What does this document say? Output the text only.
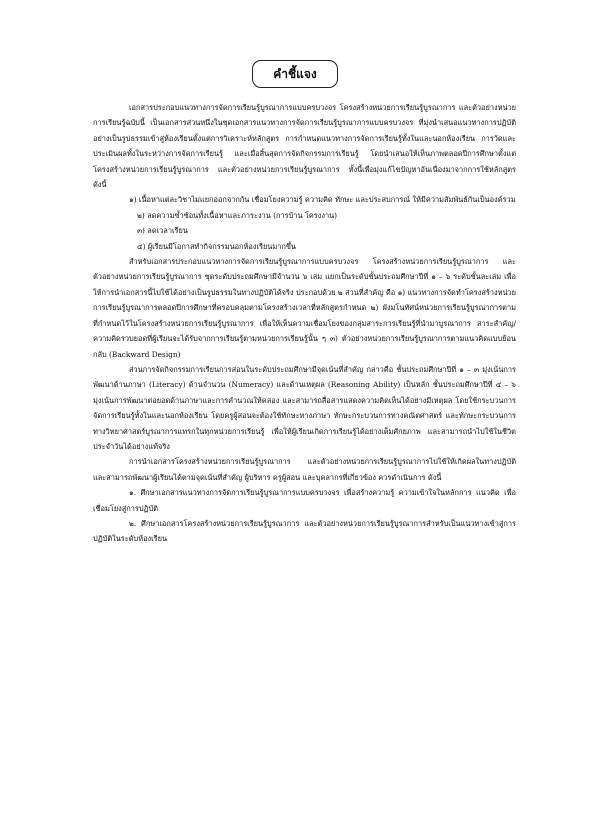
คำชี้แจง

เอกสารประกอบแนวทางการจัดการเรียนรู้บูรณาการแบบครบวงจร โครงสร้างหน่วยการเรียนรู้บูรณาการ และตัวอย่างหน่วยการเรียนรู้ฉบับนี้ เป็นเอกสารส่วนหนึ่งในชุดเอกสารแนวทางการจัดการเรียนรู้บูรณาการแบบครบวงจร ที่มุ่งนำเสนอแนวทางการปฏิบัติอย่างเป็นรูปธรรมเข้าสู่ห้องเรียนตั้งแต่การวิเคราะห์หลักสูตร การกำหนดแนวทางการจัดการเรียนรู้ทั้งในและนอกห้องเรียน การวัดและประเมินผลทั้งในระหว่างการจัดการเรียนรู้ และเมื่อสิ้นสุดการจัดกิจกรรมการเรียนรู้ โดยนำเสนอให้เห็นภาพตลอดปีการศึกษาตั้งแต่โครงสร้างหน่วยการเรียนรู้บูรณาการ และตัวอย่างหน่วยการเรียนรู้บูรณาการ ทั้งนี้เพื่อมุ่งแก้ไขปัญหาอันเนื่องมาจากการใช้หลักสูตร ดังนี้

๑) เนื้อหาแต่ละวิชาไม่แยกออกจากกัน เชื่อมโยงความรู้ ความคิด ทักษะ และประสบการณ์ ให้มีความสัมพันธ์กันเป็นองค์รวม

๒) ลดความซ้ำซ้อนทั้งเนื้อหาและภาระงาน (การบ้าน โครงงาน)

๓) ลดเวลาเรียน

๔) ผู้เรียนมีโอกาสทำกิจกรรมนอกห้องเรียนมากขึ้น

สำหรับเอกสารประกอบแนวทางการจัดการเรียนรู้บูรณาการแบบครบวงจร โครงสร้างหน่วยการเรียนรู้บูรณาการ และตัวอย่างหน่วยการเรียนรู้บูรณาการ ชุดระดับประถมศึกษามีจำนวน ๖ เล่ม แยกเป็นระดับชั้นประถมศึกษาปีที่ ๑ – ๖ ระดับชั้นละเล่ม เพื่อให้การนำเอกสารนี้ไปใช้ได้อย่างเป็นรูปธรรมในทางปฏิบัติได้จริง ประกอบด้วย ๒ ส่วนที่สำคัญ คือ ๑) แนวทางการจัดทำโครงสร้างหน่วยการเรียนรู้บูรณาการตลอดปีการศึกษาที่ครอบคลุมตามโครงสร้างเวลาที่หลักสูตรกำหนด ๒) ผังมโนทัศน์หน่วยการเรียนรู้บูรณาการตามที่กำหนดไว้ในโครงสร้างหน่วยการเรียนรู้บูรณาการ เพื่อให้เห็นความเชื่อมโยงของกลุ่มสาระการเรียนรู้ที่นำมาบูรณาการ สาระสำคัญ/ความคิดรวบยอดที่ผู้เรียนจะได้รับจากการเรียนรู้ตามหน่วยการเรียนรู้นั้น ๆ ๓) ตัวอย่างหน่วยการเรียนรู้บูรณาการตามแนวคิดแบบย้อนกลับ (Backward Design)

ส่วนการจัดกิจกรรมการเรียนการสอนในระดับประถมศึกษามีจุดเน้นที่สำคัญ กล่าวคือ ชั้นประถมศึกษาปีที่ ๑ – ๓ มุ่งเน้นการพัฒนาด้านภาษา (Literacy) ด้านจำนวน (Numeracy) และด้านเหตุผล (Reasoning Ability) เป็นหลัก ชั้นประถมศึกษาปีที่ ๔ – ๖ มุ่งเน้นการพัฒนาต่อยอดด้านภาษาและการคำนวณให้คล่อง และสามารถสื่อสารแสดงความคิดเห็นได้อย่างมีเหตุผล โดยใช้กระบวนการจัดการเรียนรู้ทั้งในและนอกห้องเรียน โดยครูผู้สอนจะต้องใช้ทักษะทางภาษา ทักษะกระบวนการทางคณิตศาสตร์ และทักษะกระบวนการทางวิทยาศาสตร์บูรณาการแทรกในทุกหน่วยการเรียนรู้ เพื่อให้ผู้เรียนเกิดการเรียนรู้ได้อย่างเต็มศักยภาพ และสามารถนำไปใช้ในชีวิตประจำวันได้อย่างแท้จริง

การนำเอกสารโครงสร้างหน่วยการเรียนรู้บูรณาการ และตัวอย่างหน่วยการเรียนรู้บูรณาการไปใช้ให้เกิดผลในทางปฏิบัติ และสามารถพัฒนาผู้เรียนได้ตามจุดเน้นที่สำคัญ ผู้บริหาร ครูผู้สอน และบุคลากรที่เกี่ยวข้อง ควรดำเนินการ ดังนี้

๑. ศึกษาเอกสารแนวทางการจัดการเรียนรู้บูรณาการแบบครบวงจร เพื่อสร้างความรู้ ความเข้าใจในหลักการ แนวคิด เพื่อเชื่อมโยงสู่การปฏิบัติ

๒. ศึกษาเอกสารโครงสร้างหน่วยการเรียนรู้บูรณาการ และตัวอย่างหน่วยการเรียนรู้บูรณาการสำหรับเป็นแนวทางเข้าสู่การปฏิบัติในระดับห้องเรียน
